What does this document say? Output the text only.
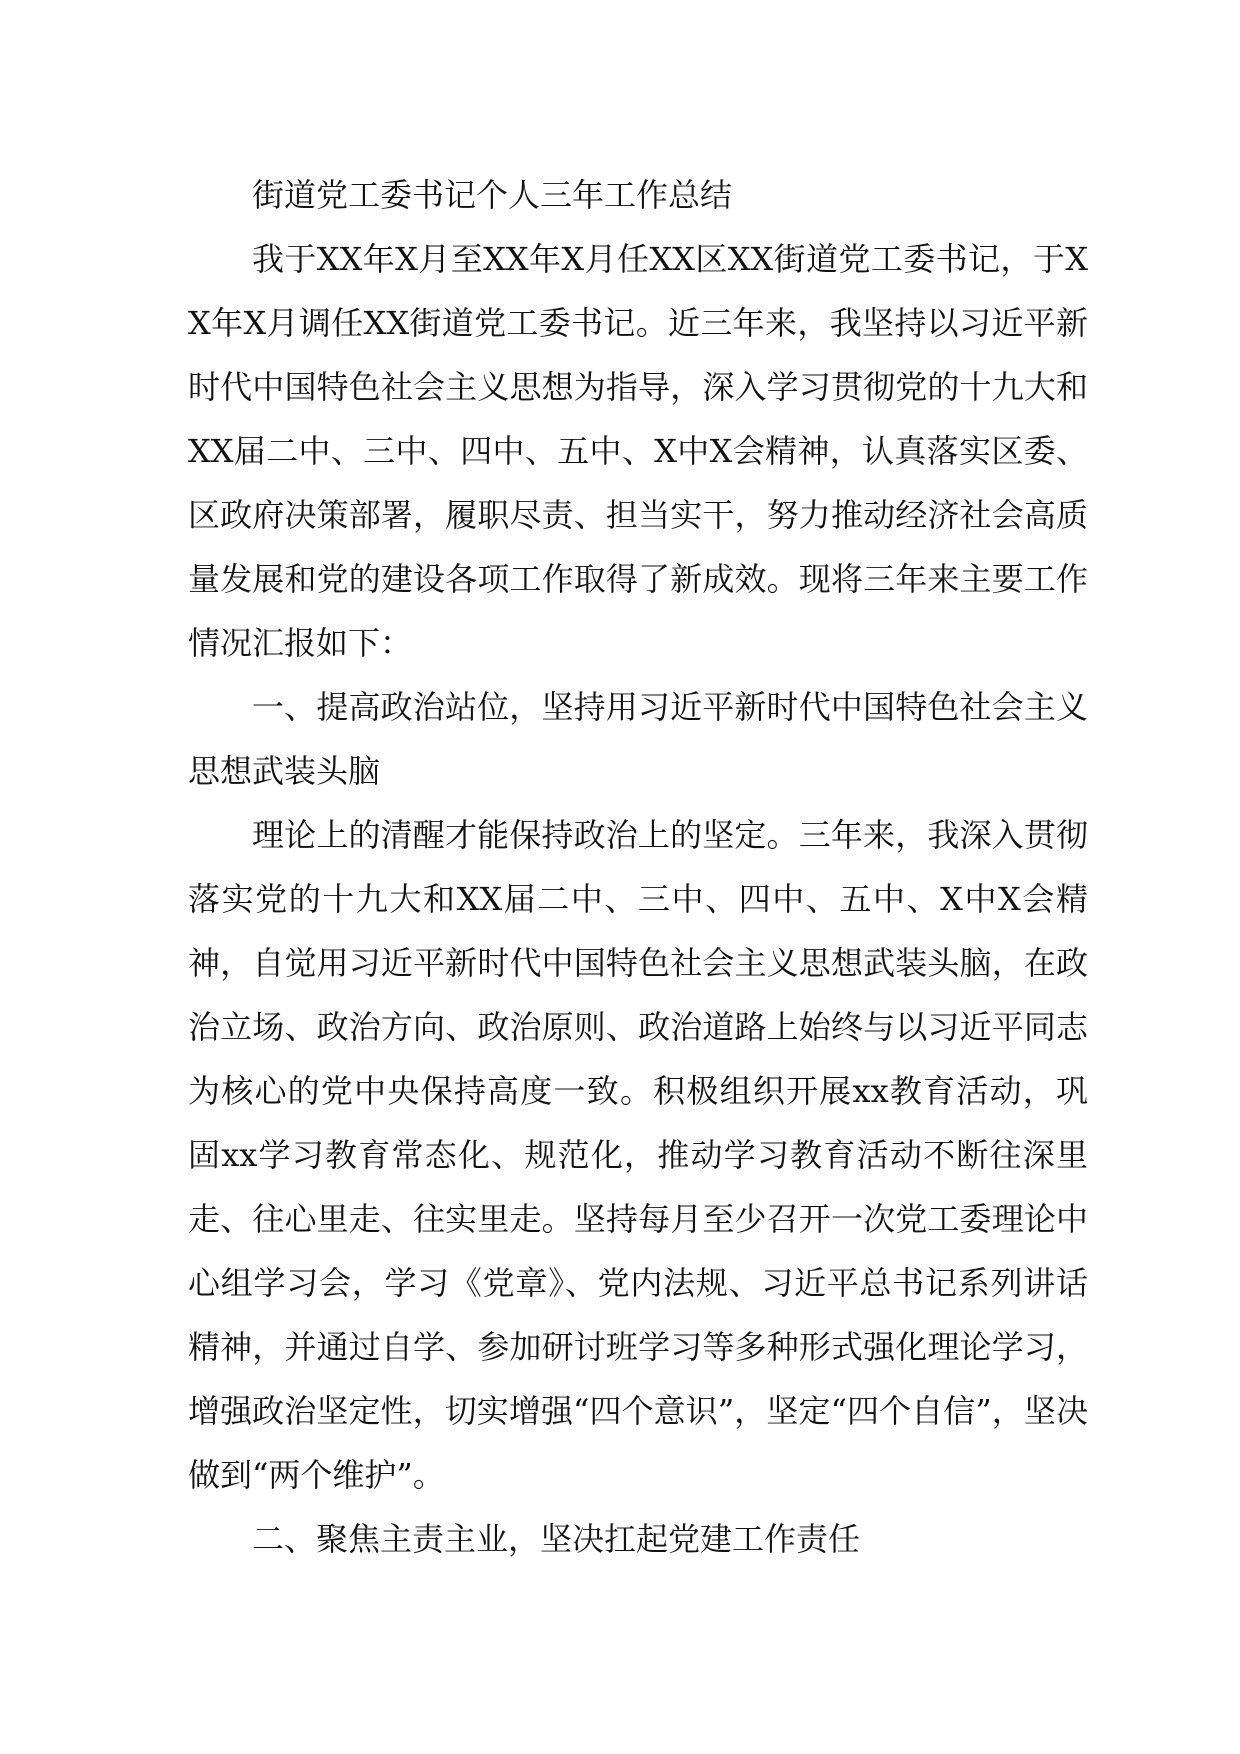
街道党工委书记个人三年工作总结

我于XX年X月至XX年X月任XX区XX街道党工委书记，于XX年X月调任XX街道党工委书记。近三年来，我坚持以习近平新时代中国特色社会主义思想为指导，深入学习贯彻党的十九大和XX届二中、三中、四中、五中、X中X会精神，认真落实区委、区政府决策部署，履职尽责、担当实干，努力推动经济社会高质量发展和党的建设各项工作取得了新成效。现将三年来主要工作情况汇报如下：

一、提高政治站位，坚持用习近平新时代中国特色社会主义思想武装头脑

理论上的清醒才能保持政治上的坚定。三年来，我深入贯彻落实党的十九大和XX届二中、三中、四中、五中、X中X会精神，自觉用习近平新时代中国特色社会主义思想武装头脑，在政治立场、政治方向、政治原则、政治道路上始终与以习近平同志为核心的党中央保持高度一致。积极组织开展xx教育活动，巩固xx学习教育常态化、规范化，推动学习教育活动不断往深里走、往心里走、往实里走。坚持每月至少召开一次党工委理论中心组学习会，学习《党章》、党内法规、习近平总书记系列讲话精神，并通过自学、参加研讨班学习等多种形式强化理论学习，增强政治坚定性，切实增强“四个意识”，坚定“四个自信”，坚决做到“两个维护”。

二、聚焦主责主业，坚决扛起党建工作责任
